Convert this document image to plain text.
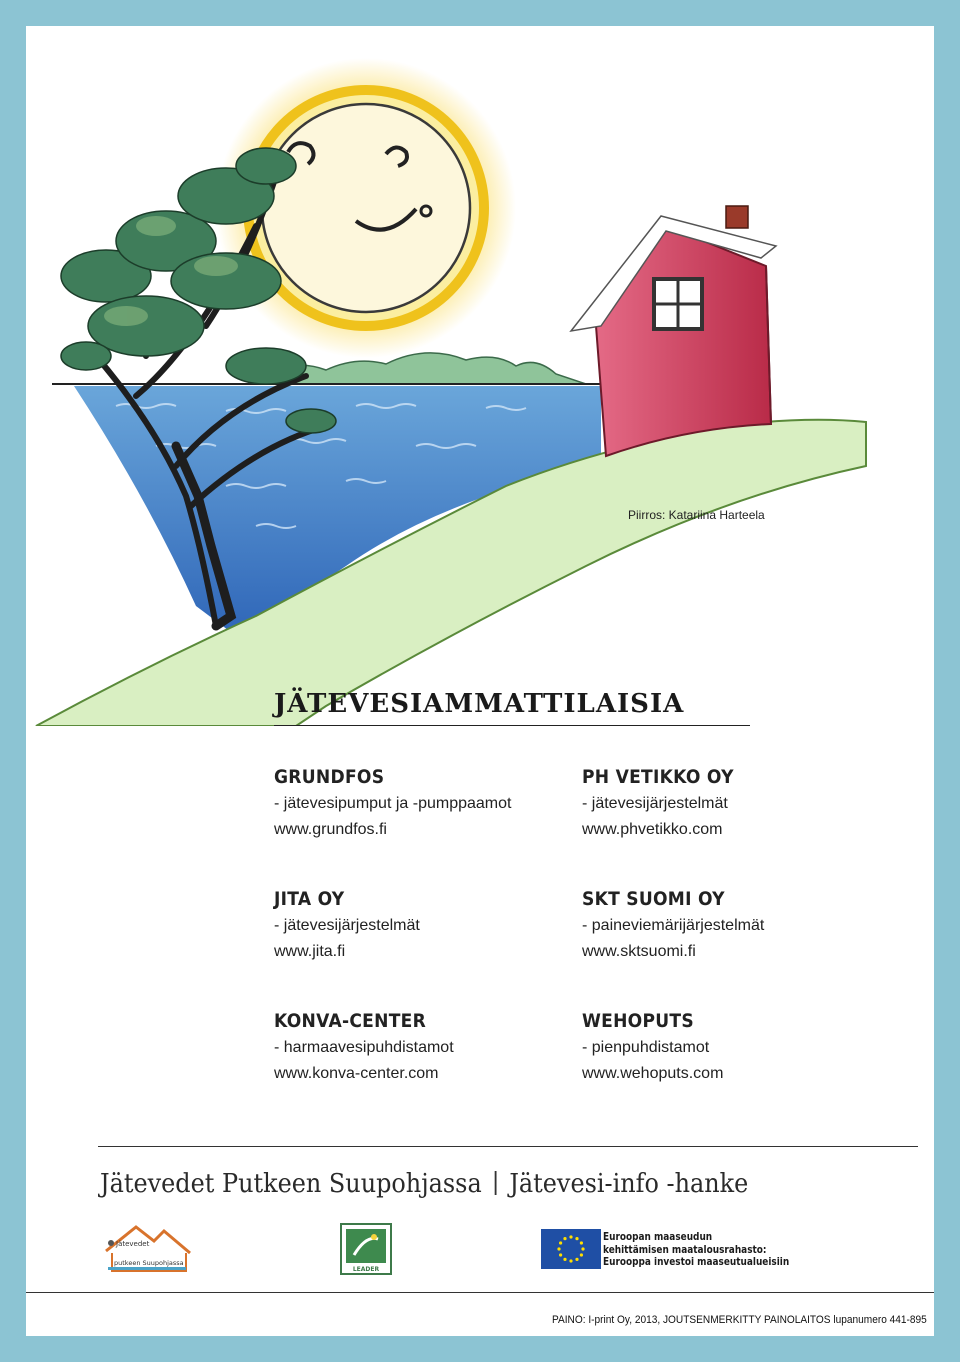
Piirros: Katariina Harteela
JÄTEVESIAMMATTILAISIA
GRUNDFOS
- jätevesipumput ja -pumppaamot
www.grundfos.fi
JITA OY
- jätevesijärjestelmät
www.jita.fi
KONVA-CENTER
- harmaavesipuhdistamot
www.konva-center.com
PH VETIKKO OY
- jätevesijärjestelmät
www.phvetikko.com
SKT SUOMI OY
- paineviemärijärjestelmät
www.sktsuomi.fi
WEHOPUTS
- pienpuhdistamot
www.wehoputs.com
Jätevedet Putkeen Suupohjassa Jätevesi-info -hanke
Jätevedet
putkeen Suupohjassa
LEADER
Euroopan maaseudun
kehittämisen maatalousrahasto:
Eurooppa investoi maaseutualueisiin
PAINO: I-print Oy, 2013, JOUTSENMERKITTY PAINOLAITOS lupanumero 441-895
